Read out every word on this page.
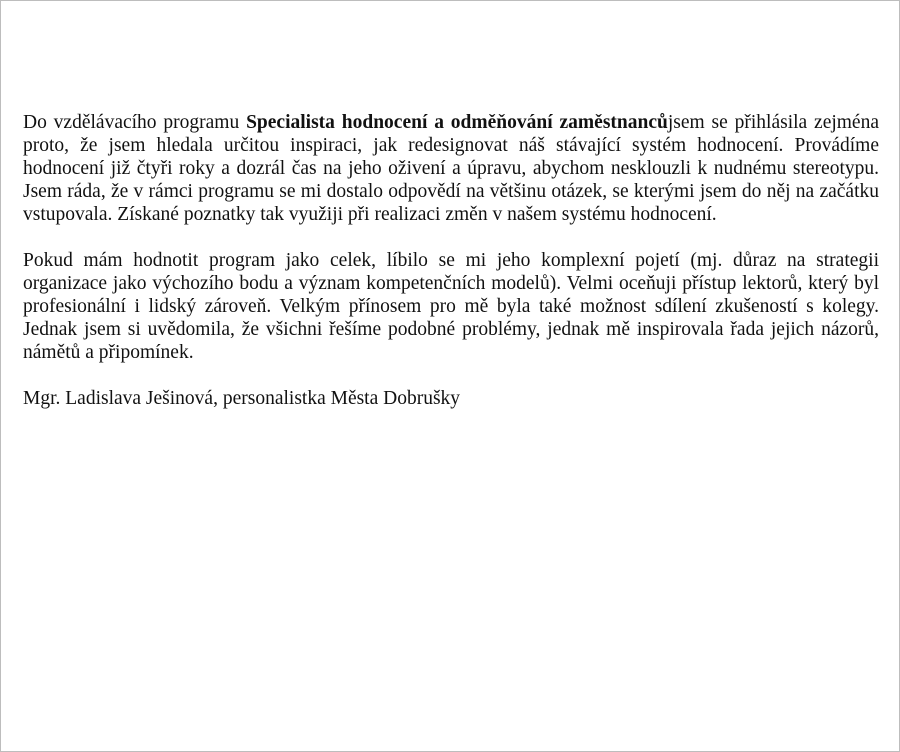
Do vzdělávacího programu Specialista hodnocení a odměňování zaměstnancůjsem se přihlásila zejména proto, že jsem hledala určitou inspiraci, jak redesignovat náš stávající systém hodnocení. Provádíme hodnocení již čtyři roky a dozrál čas na jeho oživení a úpravu, abychom nesklouzli k nudnému stereotypu. Jsem ráda, že v rámci programu se mi dostalo odpovědí na většinu otázek, se kterými jsem do něj na začátku vstupovala. Získané poznatky tak využiji při realizaci změn v našem systému hodnocení.

Pokud mám hodnotit program jako celek, líbilo se mi jeho komplexní pojetí (mj. důraz na strategii organizace jako výchozího bodu a význam kompetenčních modelů). Velmi oceňuji přístup lektorů, který byl profesionální i lidský zároveň. Velkým přínosem pro mě byla také možnost sdílení zkušeností s kolegy. Jednak jsem si uvědomila, že všichni řešíme podobné problémy, jednak mě inspirovala řada jejich názorů, námětů a připomínek.

Mgr. Ladislava Ješinová, personalistka Města Dobrušky
